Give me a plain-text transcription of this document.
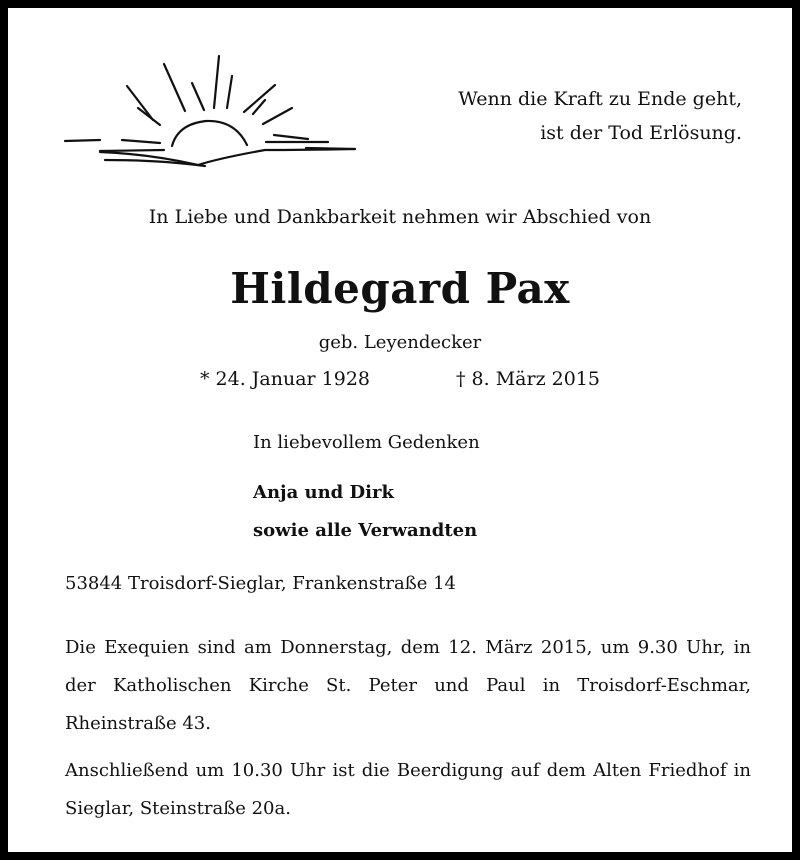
Wenn die Kraft zu Ende geht,
ist der Tod Erlösung.
In Liebe und Dankbarkeit nehmen wir Abschied von
Hildegard Pax
geb. Leyendecker
* 24. Januar 1928	† 8. März 2015
In liebevollem Gedenken
Anja und Dirk
sowie alle Verwandten
53844 Troisdorf-Sieglar, Frankenstraße 14
Die Exequien sind am Donnerstag, dem 12. März 2015, um 9.30 Uhr, in der Katholischen Kirche St. Peter und Paul in Troisdorf-Eschmar, Rheinstraße 43.
Anschließend um 10.30 Uhr ist die Beerdigung auf dem Alten Friedhof in Sieglar, Steinstraße 20a.
